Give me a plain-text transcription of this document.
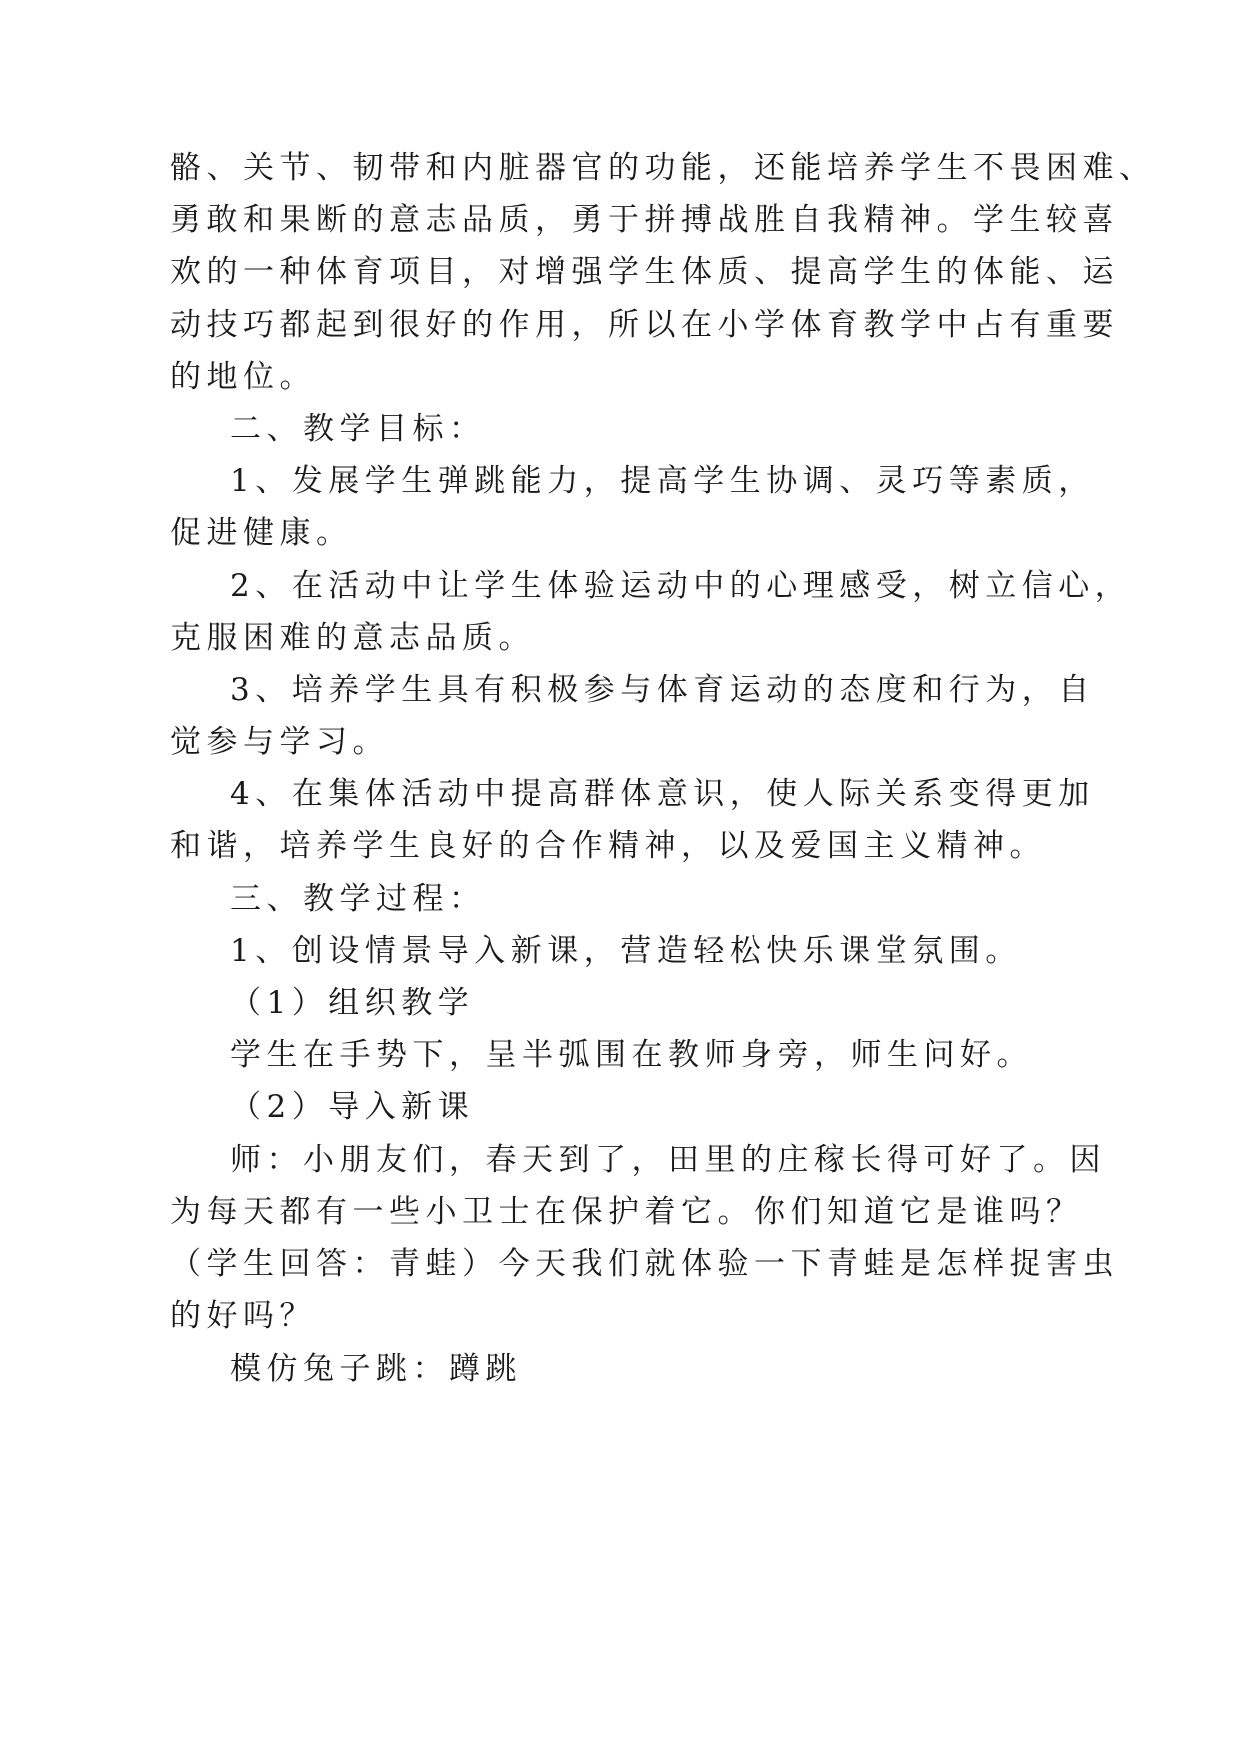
骼、关节、韧带和内脏器官的功能，还能培养学生不畏困难、
勇敢和果断的意志品质，勇于拼搏战胜自我精神。学生较喜
欢的一种体育项目，对增强学生体质、提高学生的体能、运
动技巧都起到很好的作用，所以在小学体育教学中占有重要
的地位。
二、教学目标：
1、发展学生弹跳能力，提高学生协调、灵巧等素质，
促进健康。
2、在活动中让学生体验运动中的心理感受，树立信心，
克服困难的意志品质。
3、培养学生具有积极参与体育运动的态度和行为，自
觉参与学习。
4、在集体活动中提高群体意识，使人际关系变得更加
和谐，培养学生良好的合作精神，以及爱国主义精神。
三、教学过程：
1、创设情景导入新课，营造轻松快乐课堂氛围。
（1）组织教学
学生在手势下，呈半弧围在教师身旁，师生问好。
（2）导入新课
师：小朋友们，春天到了，田里的庄稼长得可好了。因
为每天都有一些小卫士在保护着它。你们知道它是谁吗？
（学生回答：青蛙）今天我们就体验一下青蛙是怎样捉害虫
的好吗？
模仿兔子跳：蹲跳
